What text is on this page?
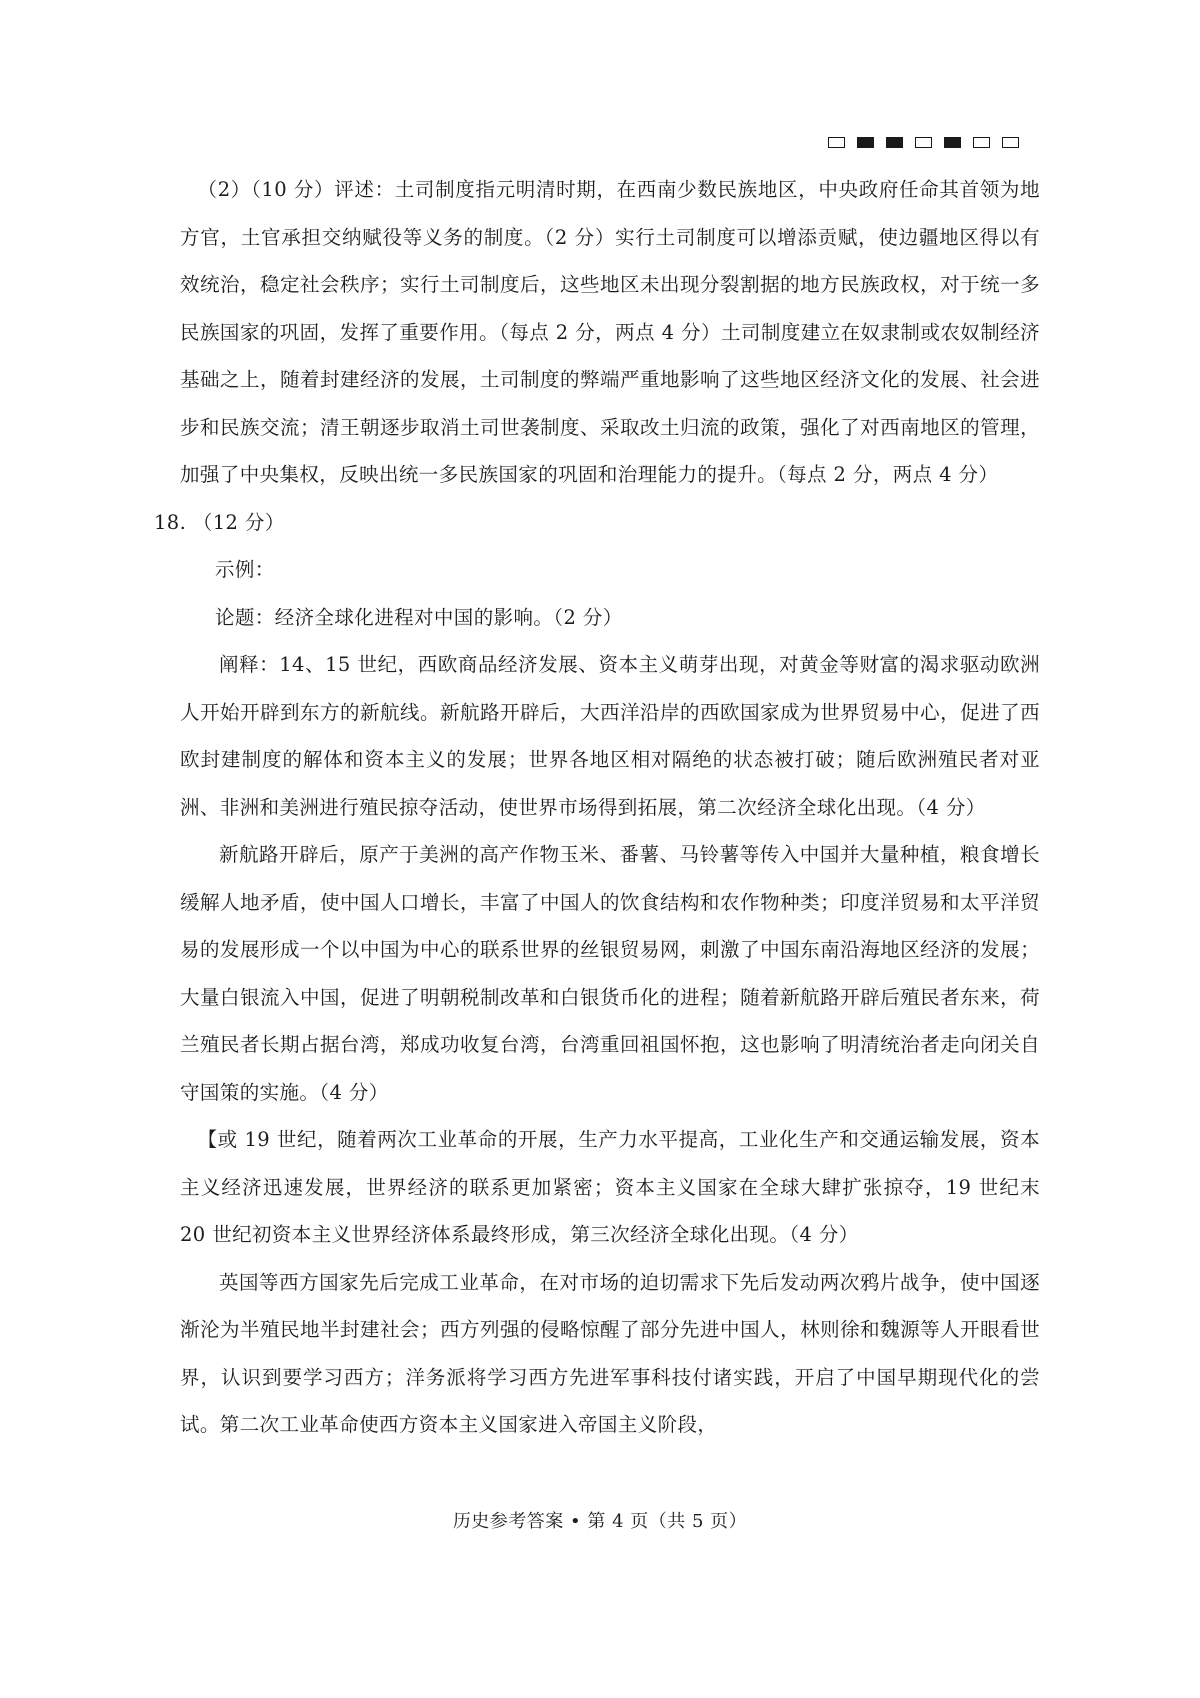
（2）（10 分）评述：土司制度指元明清时期，在西南少数民族地区，中央政府任命其首领为地方官，土官承担交纳赋役等义务的制度。（2 分）实行土司制度可以增添贡赋，使边疆地区得以有效统治，稳定社会秩序；实行土司制度后，这些地区未出现分裂割据的地方民族政权，对于统一多民族国家的巩固，发挥了重要作用。（每点 2 分，两点 4 分）土司制度建立在奴隶制或农奴制经济基础之上，随着封建经济的发展，土司制度的弊端严重地影响了这些地区经济文化的发展、社会进步和民族交流；清王朝逐步取消土司世袭制度、采取改土归流的政策，强化了对西南地区的管理，加强了中央集权，反映出统一多民族国家的巩固和治理能力的提升。（每点 2 分，两点 4 分）

18. （12 分）

示例：

论题：经济全球化进程对中国的影响。（2 分）

阐释：14、15 世纪，西欧商品经济发展、资本主义萌芽出现，对黄金等财富的渴求驱动欧洲人开始开辟到东方的新航线。新航路开辟后，大西洋沿岸的西欧国家成为世界贸易中心，促进了西欧封建制度的解体和资本主义的发展；世界各地区相对隔绝的状态被打破；随后欧洲殖民者对亚洲、非洲和美洲进行殖民掠夺活动，使世界市场得到拓展，第二次经济全球化出现。（4 分）

新航路开辟后，原产于美洲的高产作物玉米、番薯、马铃薯等传入中国并大量种植，粮食增长缓解人地矛盾，使中国人口增长，丰富了中国人的饮食结构和农作物种类；印度洋贸易和太平洋贸易的发展形成一个以中国为中心的联系世界的丝银贸易网，刺激了中国东南沿海地区经济的发展；大量白银流入中国，促进了明朝税制改革和白银货币化的进程；随着新航路开辟后殖民者东来，荷兰殖民者长期占据台湾，郑成功收复台湾，台湾重回祖国怀抱，这也影响了明清统治者走向闭关自守国策的实施。（4 分）

【或 19 世纪，随着两次工业革命的开展，生产力水平提高，工业化生产和交通运输发展，资本主义经济迅速发展，世界经济的联系更加紧密；资本主义国家在全球大肆扩张掠夺，19 世纪末 20 世纪初资本主义世界经济体系最终形成，第三次经济全球化出现。（4 分）

英国等西方国家先后完成工业革命，在对市场的迫切需求下先后发动两次鸦片战争，使中国逐渐沦为半殖民地半封建社会；西方列强的侵略惊醒了部分先进中国人，林则徐和魏源等人开眼看世界，认识到要学习西方；洋务派将学习西方先进军事科技付诸实践，开启了中国早期现代化的尝试。第二次工业革命使西方资本主义国家进入帝国主义阶段，

历史参考答案 • 第 4 页（共 5 页）
